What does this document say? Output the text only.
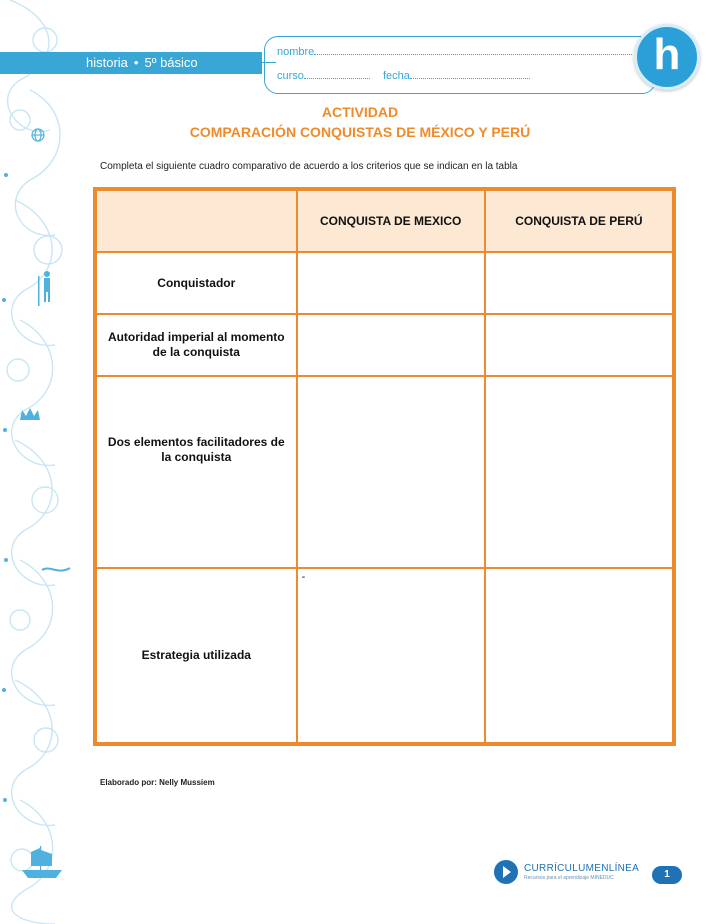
historia • 5º básico
nombre
curso	fecha	h
ACTIVIDAD
COMPARACIÓN CONQUISTAS DE MÉXICO Y PERÚ
Completa el siguiente cuadro comparativo de acuerdo a los criterios que se indican en la tabla
	CONQUISTA DE MEXICO	CONQUISTA DE PERÚ
Conquistador		
Autoridad imperial al momento de la conquista		
Dos elementos facilitadores de la conquista		
Estrategia utilizada	-	

Elaborado por: Nelly Mussiem
CURRÍCULUMENLÍNEA
Recursos para el aprendizaje MINEDUC	1
